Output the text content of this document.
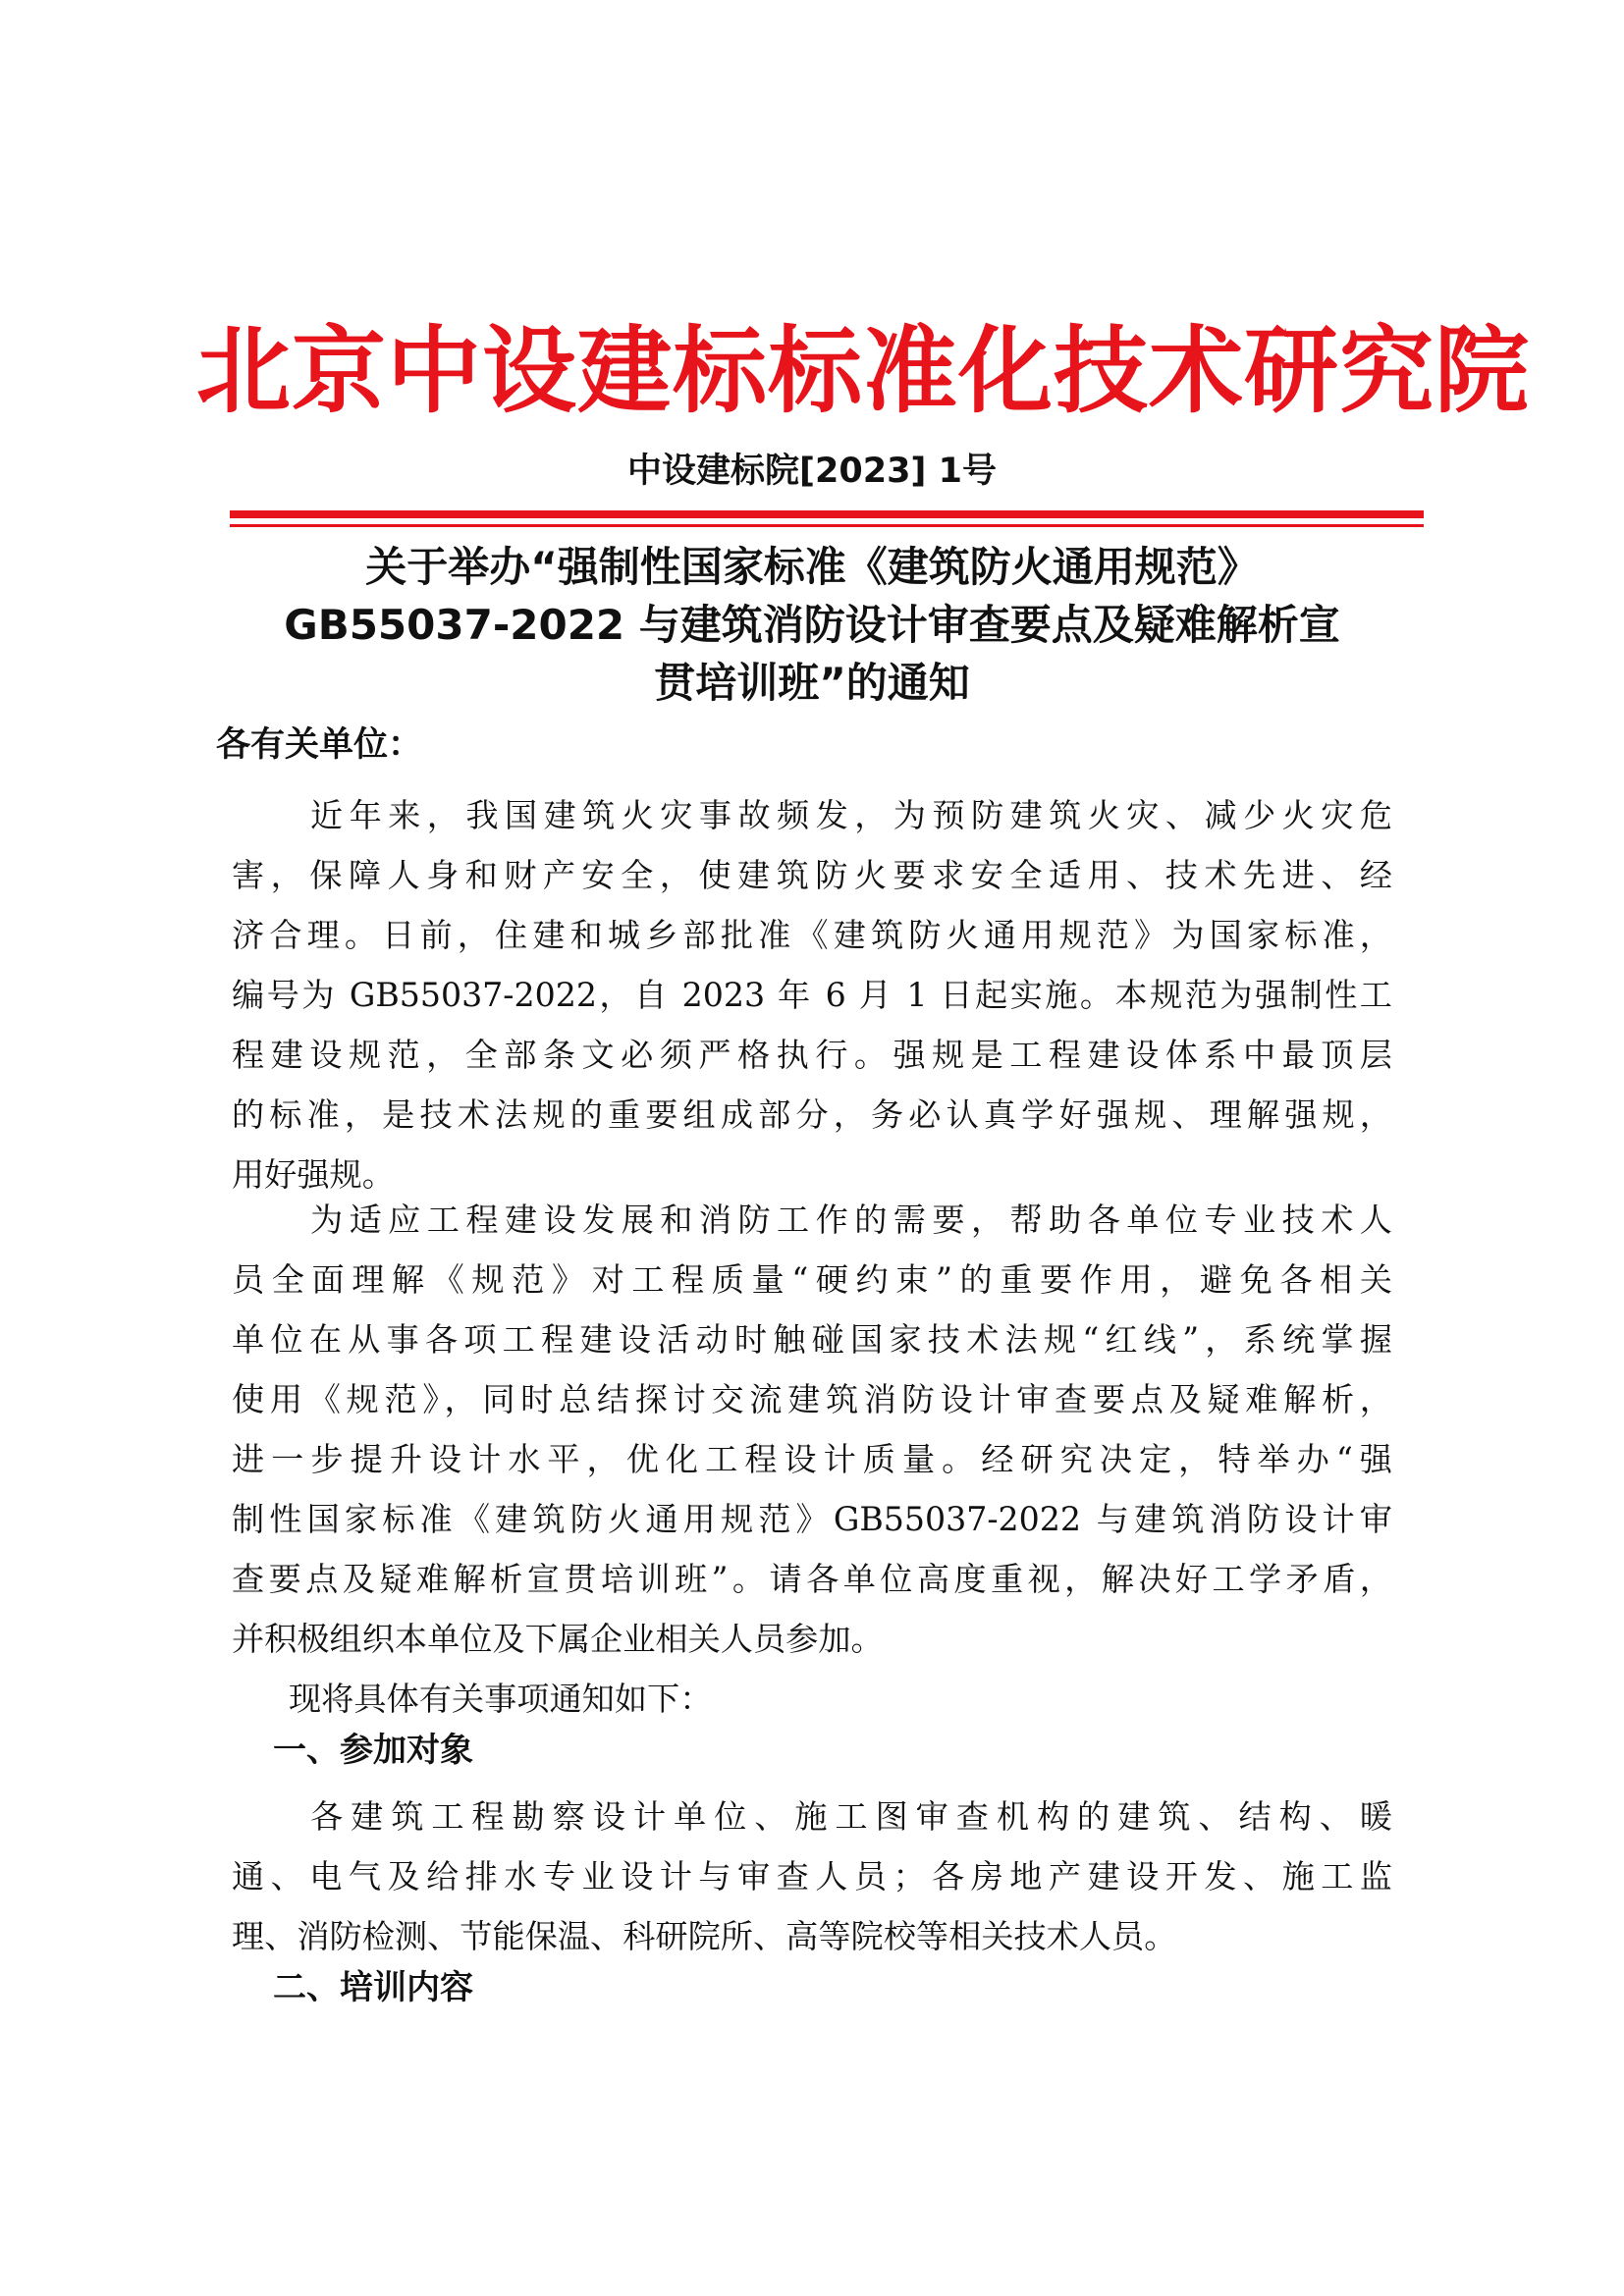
北京中设建标标准化技术研究院
中设建标院[2023] 1号
关于举办“强制性国家标准《建筑防火通用规范》
GB55037-2022 与建筑消防设计审查要点及疑难解析宣
贯培训班”的通知
各有关单位：
近年来，我国建筑火灾事故频发，为预防建筑火灾、减少火灾危
害，保障人身和财产安全，使建筑防火要求安全适用、技术先进、经
济合理。日前，住建和城乡部批准《建筑防火通用规范》为国家标准，
编号为 GB55037-2022，自 2023 年 6 月 1 日起实施。本规范为强制性工
程建设规范，全部条文必须严格执行。强规是工程建设体系中最顶层
的标准，是技术法规的重要组成部分，务必认真学好强规、理解强规，
用好强规。
为适应工程建设发展和消防工作的需要，帮助各单位专业技术人
员全面理解《规范》对工程质量“硬约束”的重要作用，避免各相关
单位在从事各项工程建设活动时触碰国家技术法规“红线”，系统掌握
使用《规范》，同时总结探讨交流建筑消防设计审查要点及疑难解析，
进一步提升设计水平，优化工程设计质量。经研究决定，特举办“强
制性国家标准《建筑防火通用规范》GB55037-2022 与建筑消防设计审
查要点及疑难解析宣贯培训班”。请各单位高度重视，解决好工学矛盾，
并积极组织本单位及下属企业相关人员参加。
现将具体有关事项通知如下：
一、参加对象
各建筑工程勘察设计单位、施工图审查机构的建筑、结构、暖
通、电气及给排水专业设计与审查人员；各房地产建设开发、施工监
理、消防检测、节能保温、科研院所、高等院校等相关技术人员。
二、培训内容
